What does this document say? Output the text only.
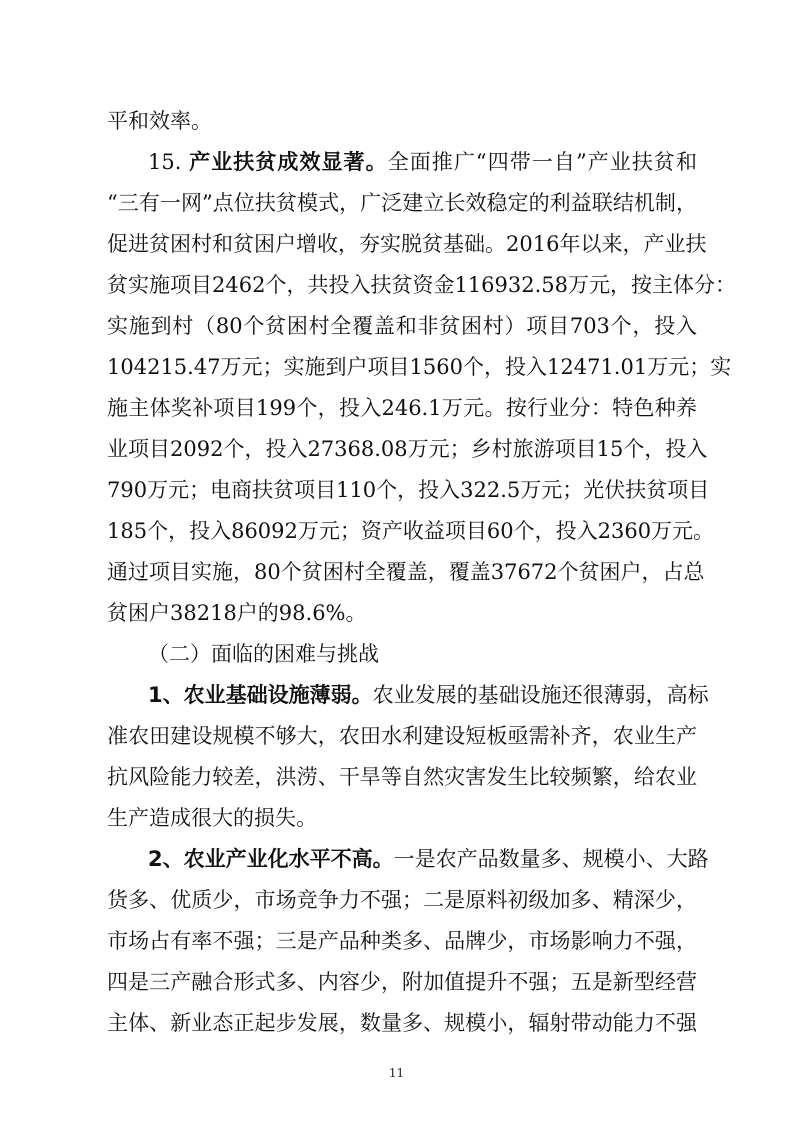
平和效率。
15. 产业扶贫成效显著。全面推广“四带一自”产业扶贫和
“三有一网”点位扶贫模式，广泛建立长效稳定的利益联结机制，
促进贫困村和贫困户增收，夯实脱贫基础。2016年以来，产业扶
贫实施项目2462个，共投入扶贫资金116932.58万元，按主体分：
实施到村（80个贫困村全覆盖和非贫困村）项目703个，投入
104215.47万元；实施到户项目1560个，投入12471.01万元；实
施主体奖补项目199个，投入246.1万元。按行业分：特色种养
业项目2092个，投入27368.08万元；乡村旅游项目15个，投入
790万元；电商扶贫项目110个，投入322.5万元；光伏扶贫项目
185个，投入86092万元；资产收益项目60个，投入2360万元。
通过项目实施，80个贫困村全覆盖，覆盖37672个贫困户，占总
贫困户38218户的98.6%。
（二）面临的困难与挑战
1、农业基础设施薄弱。农业发展的基础设施还很薄弱，高标
准农田建设规模不够大，农田水利建设短板亟需补齐，农业生产
抗风险能力较差，洪涝、干旱等自然灾害发生比较频繁，给农业
生产造成很大的损失。
2、农业产业化水平不高。一是农产品数量多、规模小、大路
货多、优质少，市场竞争力不强；二是原料初级加多、精深少，
市场占有率不强；三是产品种类多、品牌少，市场影响力不强，
四是三产融合形式多、内容少，附加值提升不强；五是新型经营
主体、新业态正起步发展，数量多、规模小，辐射带动能力不强
11
